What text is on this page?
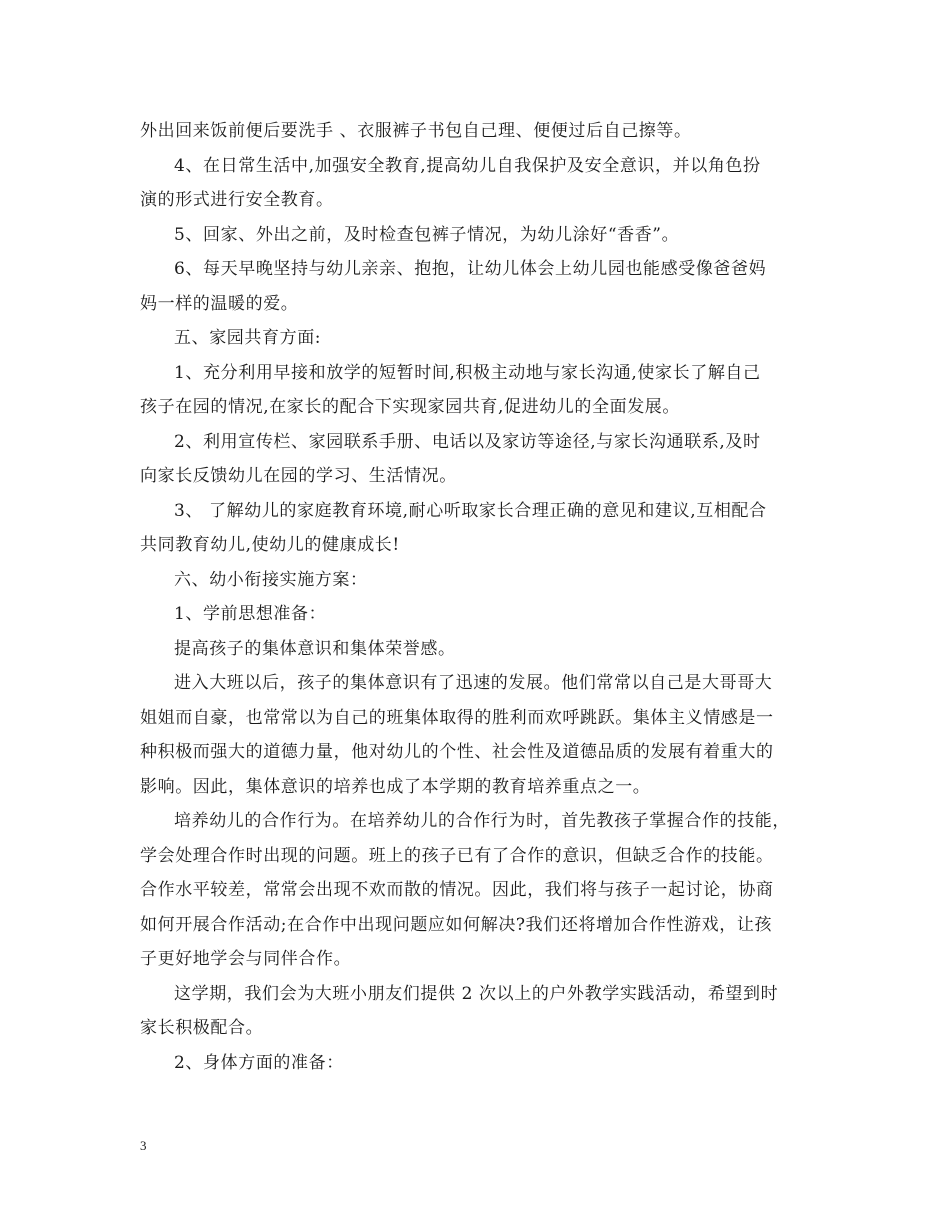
外出回来饭前便后要洗手 、衣服裤子书包自己理、便便过后自己擦等。
4、在日常生活中,加强安全教育,提高幼儿自我保护及安全意识，并以角色扮
演的形式进行安全教育。
5、回家、外出之前，及时检查包裤子情况，为幼儿涂好“香香”。
6、每天早晚坚持与幼儿亲亲、抱抱，让幼儿体会上幼儿园也能感受像爸爸妈
妈一样的温暖的爱。
五、家园共育方面:
1、充分利用早接和放学的短暂时间,积极主动地与家长沟通,使家长了解自己
孩子在园的情况,在家长的配合下实现家园共育,促进幼儿的全面发展。
2、利用宣传栏、家园联系手册、电话以及家访等途径,与家长沟通联系,及时
向家长反馈幼儿在园的学习、生活情况。
3、 了解幼儿的家庭教育环境,耐心听取家长合理正确的意见和建议,互相配合
共同教育幼儿,使幼儿的健康成长!
六、幼小衔接实施方案：
1、学前思想准备：
提高孩子的集体意识和集体荣誉感。
进入大班以后，孩子的集体意识有了迅速的发展。他们常常以自己是大哥哥大
姐姐而自豪，也常常以为自己的班集体取得的胜利而欢呼跳跃。集体主义情感是一
种积极而强大的道德力量，他对幼儿的个性、社会性及道德品质的发展有着重大的
影响。因此，集体意识的培养也成了本学期的教育培养重点之一。
培养幼儿的合作行为。在培养幼儿的合作行为时，首先教孩子掌握合作的技能，
学会处理合作时出现的问题。班上的孩子已有了合作的意识，但缺乏合作的技能。
合作水平较差，常常会出现不欢而散的情况。因此，我们将与孩子一起讨论，协商
如何开展合作活动;在合作中出现问题应如何解决?我们还将增加合作性游戏，让孩
子更好地学会与同伴合作。
这学期，我们会为大班小朋友们提供 2 次以上的户外教学实践活动，希望到时
家长积极配合。
2、身体方面的准备：
3
